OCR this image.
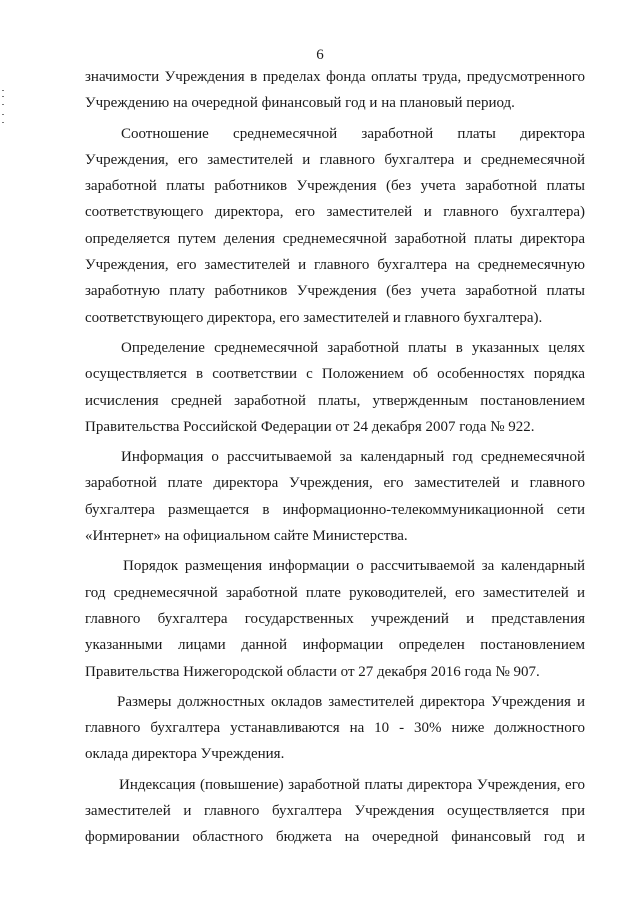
6
значимости Учреждения в пределах фонда оплаты труда, предусмотренного
Учреждению на очередной финансовый год и на плановый период.
Соотношение среднемесячной заработной платы директора
Учреждения, его заместителей и главного бухгалтера и среднемесячной
заработной платы работников Учреждения (без учета заработной платы
соответствующего директора, его заместителей и главного бухгалтера)
определяется путем деления среднемесячной заработной платы директора
Учреждения, его заместителей и главного бухгалтера на среднемесячную
заработную плату работников Учреждения (без учета заработной платы
соответствующего директора, его заместителей и главного бухгалтера).
Определение среднемесячной заработной платы в указанных целях
осуществляется в соответствии с Положением об особенностях порядка
исчисления средней заработной платы, утвержденным постановлением
Правительства Российской Федерации от 24 декабря 2007 года № 922.
Информация о рассчитываемой за календарный год среднемесячной
заработной плате директора Учреждения, его заместителей и главного
бухгалтера размещается в информационно-телекоммуникационной сети
«Интернет» на официальном сайте Министерства.
Порядок размещения информации о рассчитываемой за календарный
год среднемесячной заработной плате руководителей, его заместителей и
главного бухгалтера государственных учреждений и представления
указанными лицами данной информации определен постановлением
Правительства Нижегородской области от 27 декабря 2016 года № 907.
Размеры должностных окладов заместителей директора Учреждения и
главного бухгалтера устанавливаются на 10 - 30% ниже должностного
оклада директора Учреждения.
Индексация (повышение) заработной платы директора Учреждения, его
заместителей и главного бухгалтера Учреждения осуществляется при
формировании областного бюджета на очередной финансовый год и
